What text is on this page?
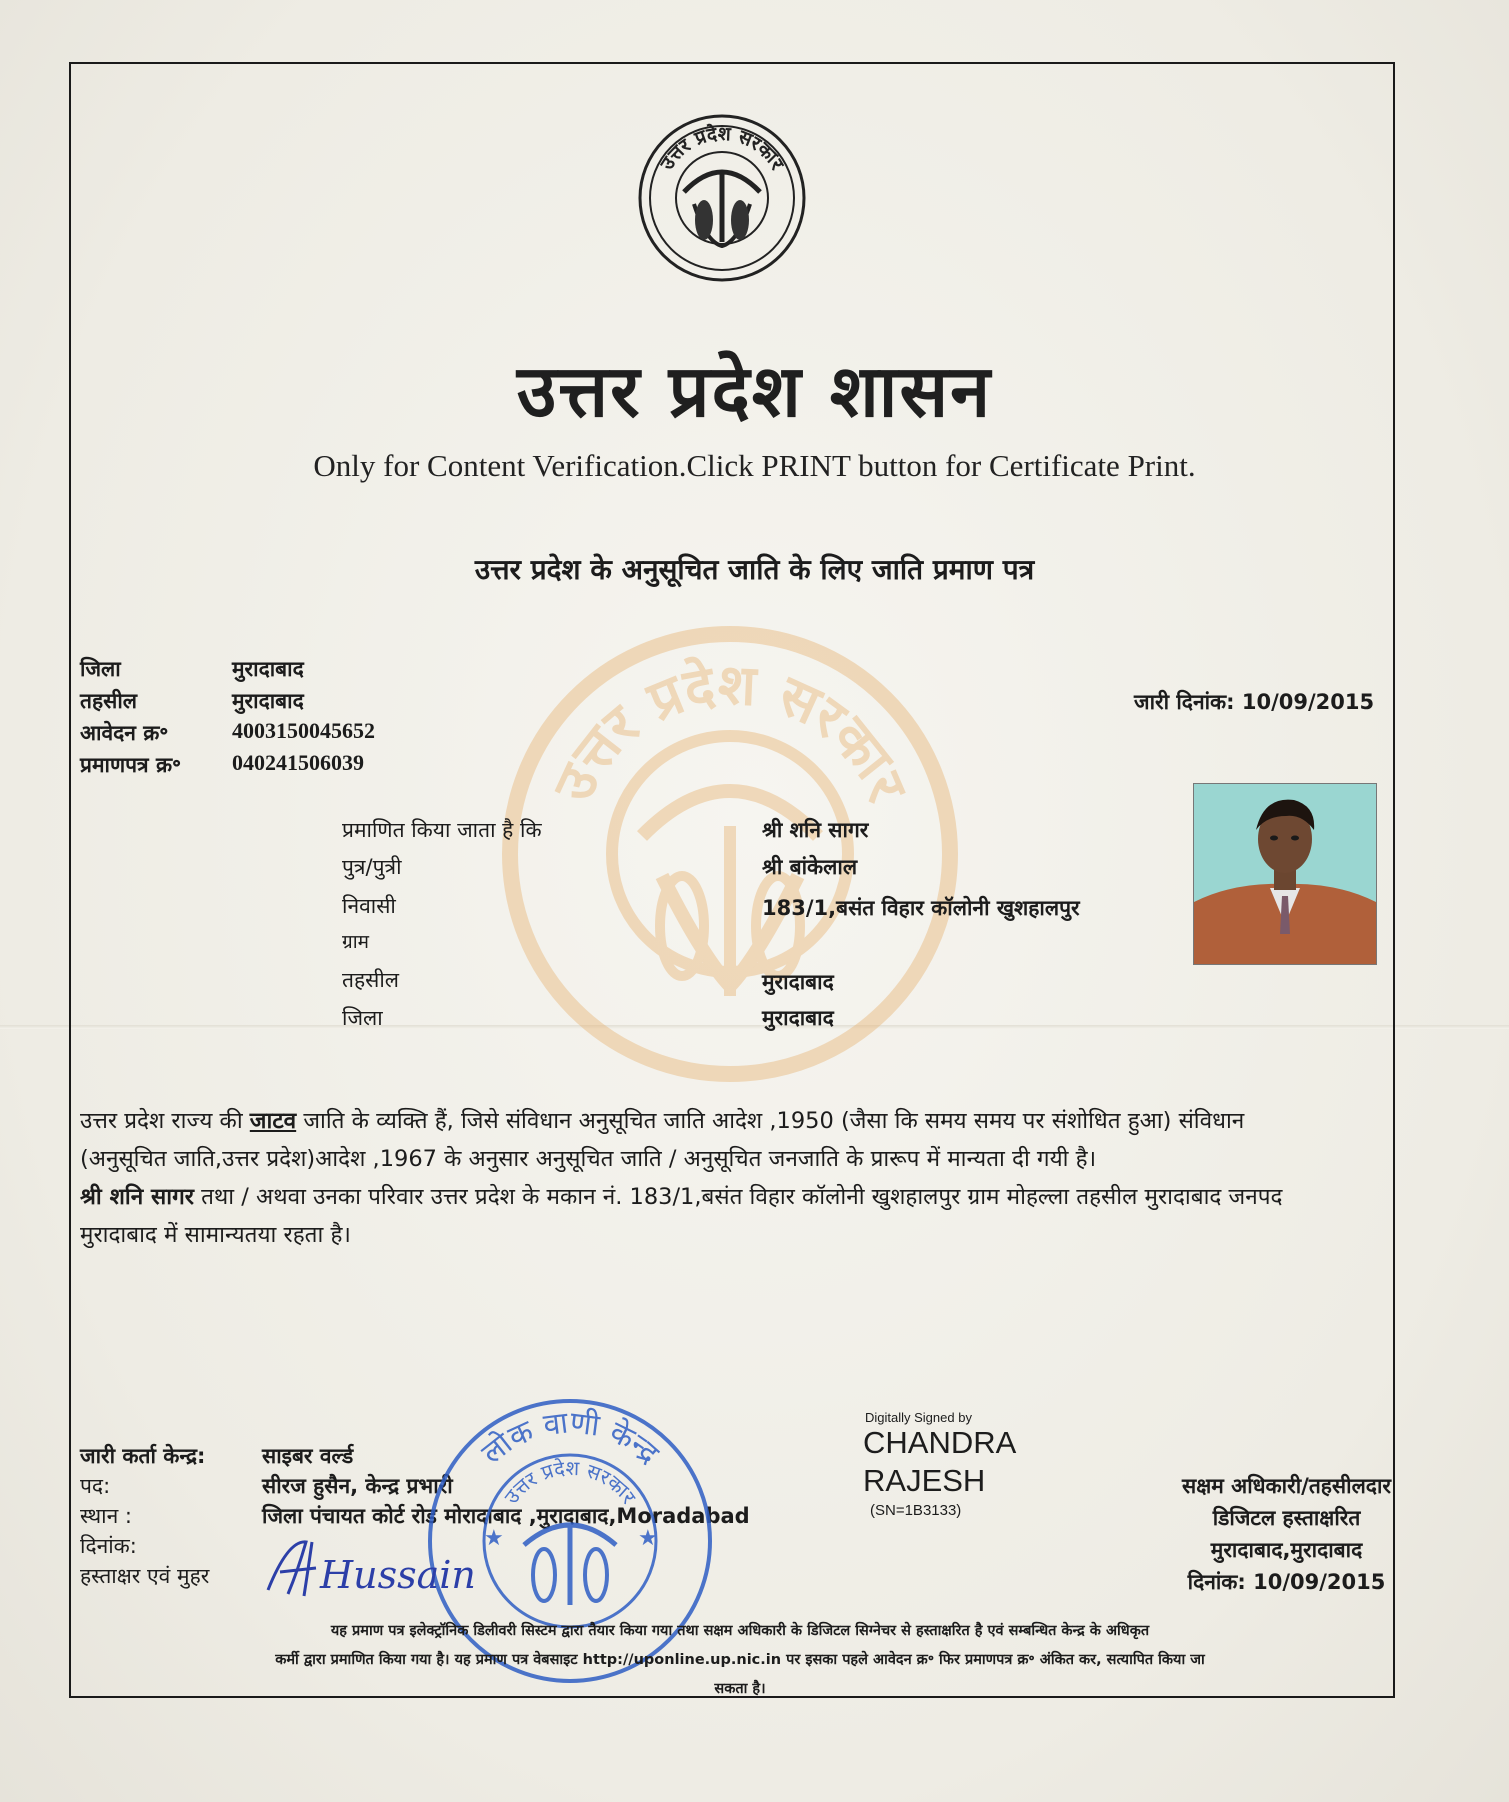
उत्तर प्रदेश सरकार
उत्तर प्रदेश सरकार
उत्तर प्रदेश शासन
Only for Content Verification.Click PRINT button for Certificate Print.
उत्तर प्रदेश के अनुसूचित जाति के लिए जाति प्रमाण पत्र
जिला	मुरादाबाद
तहसील	मुरादाबाद
आवेदन क्र॰	4003150045652
प्रमाणपत्र क्र॰ 040241506039
जारी दिनांक: 10/09/2015
प्रमाणित किया जाता है कि	श्री शनि सागर
पुत्र/पुत्री	श्री बांकेलाल
निवासी	183/1,बसंत विहार कॉलोनी खुशहालपुर
ग्राम
तहसील	मुरादाबाद
जिला	मुरादाबाद

उत्तर प्रदेश राज्य की जाटव जाति के व्यक्ति हैं, जिसे संविधान अनुसूचित जाति आदेश ,1950 (जैसा कि समय समय पर संशोधित हुआ) संविधान (अनुसूचित जाति,उत्तर प्रदेश)आदेश ,1967 के अनुसार अनुसूचित जाति / अनुसूचित जनजाति के प्रारूप में मान्यता दी गयी है।

श्री शनि सागर तथा / अथवा उनका परिवार उत्तर प्रदेश के मकान नं. 183/1,बसंत विहार कॉलोनी खुशहालपुर ग्राम मोहल्ला तहसील मुरादाबाद जनपद मुरादाबाद में सामान्यतया रहता है।

जारी कर्ता केन्द्र:	साइबर वर्ल्ड
पद:	सीरज हुसैन, केन्द्र प्रभारी
स्थान :	जिला पंचायत कोर्ट रोड मोरादाबाद ,मुरादाबाद,Moradabad
दिनांक:
हस्ताक्षर एवं मुहर
लोक वाणी केन्द्र
उत्तर प्रदेश सरकार
★	★
Hussain
Digitally Signed by
CHANDRA
RAJESH
(SN=1B3133)
सक्षम अधिकारी/तहसीलदार
डिजिटल हस्ताक्षरित
मुरादाबाद,मुरादाबाद
दिनांक: 10/09/2015
यह प्रमाण पत्र इलेक्ट्रॉनिक डिलीवरी सिस्टम द्वारा तैयार किया गया तथा सक्षम अधिकारी के डिजिटल सिग्नेचर से हस्ताक्षरित है एवं सम्बन्धित केन्द्र के अधिकृत
कर्मी द्वारा प्रमाणित किया गया है। यह प्रमाण पत्र वेबसाइट http://uponline.up.nic.in पर इसका पहले आवेदन क्र॰ फिर प्रमाणपत्र क्र॰ अंकित कर, सत्यापित किया जा
सकता है।
